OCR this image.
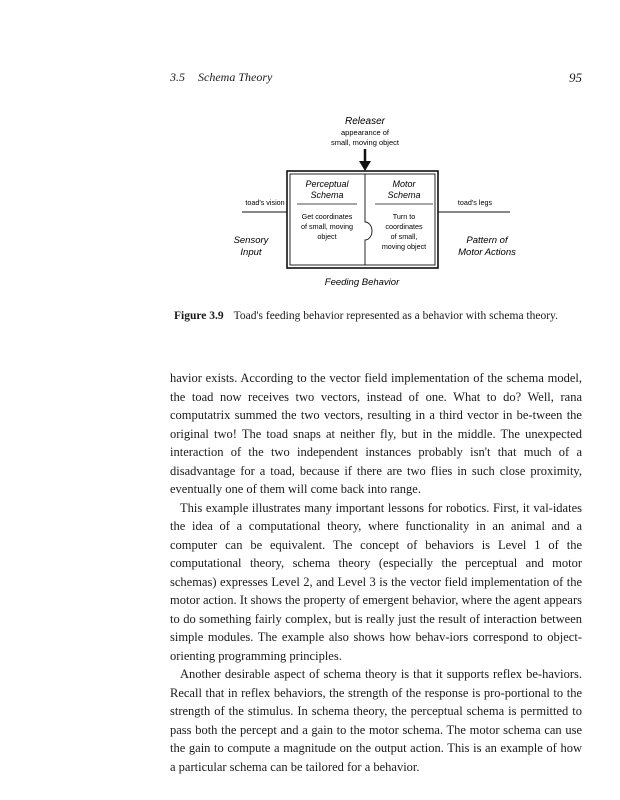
3.5 Schema Theory	95
Releaser
appearance of
small, moving object
Perceptual
Schema
Get coordinates
of small, moving
object
Motor
Schema
Turn to
coordinates
of small,
moving object
toad's vision
Sensory
Input
toad's legs
Pattern of
Motor Actions
Feeding Behavior
Figure 3.9 Toad's feeding behavior represented as a behavior with schema theory.

havior exists. According to the vector field implementation of the schema model, the toad now receives two vectors, instead of one. What to do? Well, rana computatrix summed the two vectors, resulting in a third vector in be-tween the original two! The toad snaps at neither fly, but in the middle. The unexpected interaction of the two independent instances probably isn't that much of a disadvantage for a toad, because if there are two flies in such close proximity, eventually one of them will come back into range.

This example illustrates many important lessons for robotics. First, it val-idates the idea of a computational theory, where functionality in an animal and a computer can be equivalent. The concept of behaviors is Level 1 of the computational theory, schema theory (especially the perceptual and motor schemas) expresses Level 2, and Level 3 is the vector field implementation of the motor action. It shows the property of emergent behavior, where the agent appears to do something fairly complex, but is really just the result of interaction between simple modules. The example also shows how behav-iors correspond to object-orienting programming principles.

Another desirable aspect of schema theory is that it supports reflex be-haviors. Recall that in reflex behaviors, the strength of the response is pro-portional to the strength of the stimulus. In schema theory, the perceptual schema is permitted to pass both the percept and a gain to the motor schema. The motor schema can use the gain to compute a magnitude on the output action. This is an example of how a particular schema can be tailored for a behavior.
